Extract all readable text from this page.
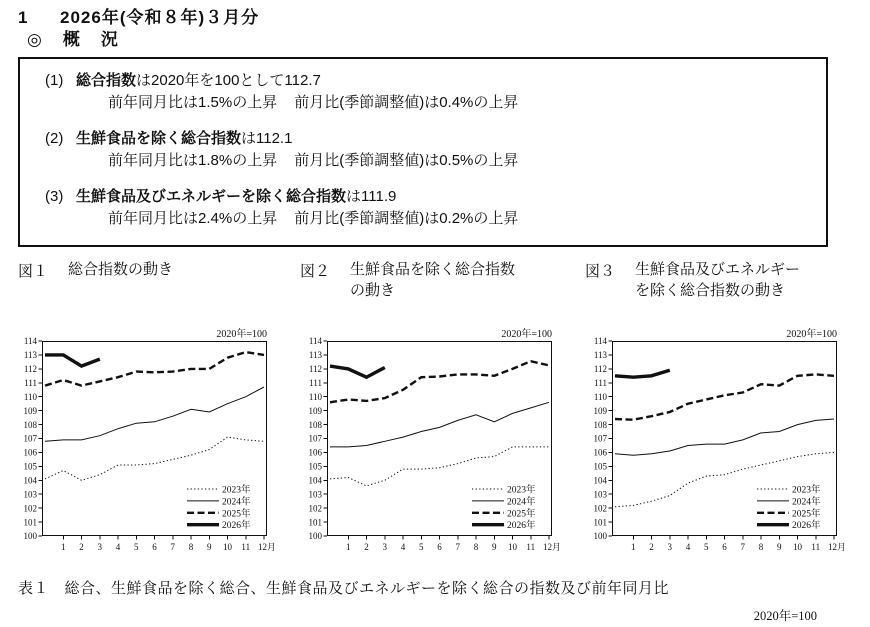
1 2026年(令和８年)３月分
◎　概　況
(1) 総合指数は2020年を100として112.7
前年同月比は1.5%の上昇 前月比(季節調整値)は0.4%の上昇
(2) 生鮮食品を除く総合指数は112.1
前年同月比は1.8%の上昇 前月比(季節調整値)は0.5%の上昇
(3) 生鮮食品及びエネルギーを除く総合指数は111.9
前年同月比は2.4%の上昇 前月比(季節調整値)は0.2%の上昇
図１	総合指数の動き	図２	生鮮食品を除く総合指数
の動き
図３	生鮮食品及びエネルギー
を除く総合指数の動き
2020年=100
100
101
102
103
104
105
106
107
108
109
110
111
112
113
114
1 2 3 4 5 6 7 8 9 10 11 12月
2023年
2024年
2025年
2026年
2020年=100
100
101
102
103
104
105
106
107
108
109
110
111
112
113
114
1 2 3 4 5 6 7 8 9 10 11 12月
2023年
2024年
2025年
2026年
2020年=100
100
101
102
103
104
105
106
107
108
109
110
111
112
113
114
1 2 3 4 5 6 7 8 9 10 11 12月
2023年
2024年
2025年
2026年
表１　総合、生鮮食品を除く総合、生鮮食品及びエネルギーを除く総合の指数及び前年同月比
2020年=100
